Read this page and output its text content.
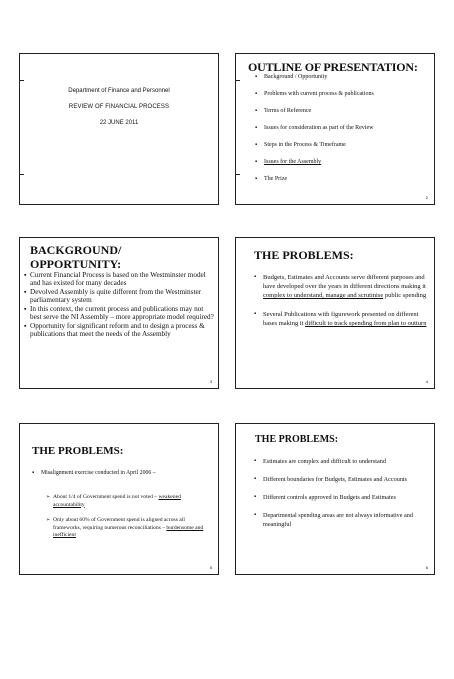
Department of Finance and Personnel
REVIEW OF FINANCIAL PROCESS
22 JUNE 2011
OUTLINE OF PRESENTATION:
▪ Background / Opportunity
▪ Problems with current process & publications
▪ Terms of Reference
▪ Issues for consideration as part of the Review
▪ Steps in the Process & Timeframe
▪ Issues for the Assembly
▪ The Prize
2
BACKGROUND/ OPPORTUNITY:
▪ Current Financial Process is based on the Westminster model and has existed for many decades
▪ Devolved Assembly is quite different from the Westminster parliamentary system
▪ In this context, the current process and publications may not best serve the NI Assembly – more appropriate model required?
▪ Opportunity for significant reform and to design a process & publications that meet the needs of the Assembly
3
THE PROBLEMS:
▪ Budgets, Estimates and Accounts serve different purposes and have developed over the years in different directions making it complex to understand, manage and scrutinise public spending
▪ Several Publications with figurework presented on different bases making it difficult to track spending from plan to outturn
4
THE PROBLEMS:
▪ Misalignment exercise conducted in April 2006 –
➢ About 1/4 of Government spend is not voted – weakened accountability
➢ Only about 60% of Government spend is aligned across all frameworks, requiring numerous reconciliations – burdensome and inefficient
5
THE PROBLEMS:
▪ Estimates are complex and difficult to understand
▪ Different boundaries for Budgets, Estimates and Accounts
▪ Different controls approved in Budgets and Estimates
▪ Departmental spending areas are not always informative and meaningful
6
